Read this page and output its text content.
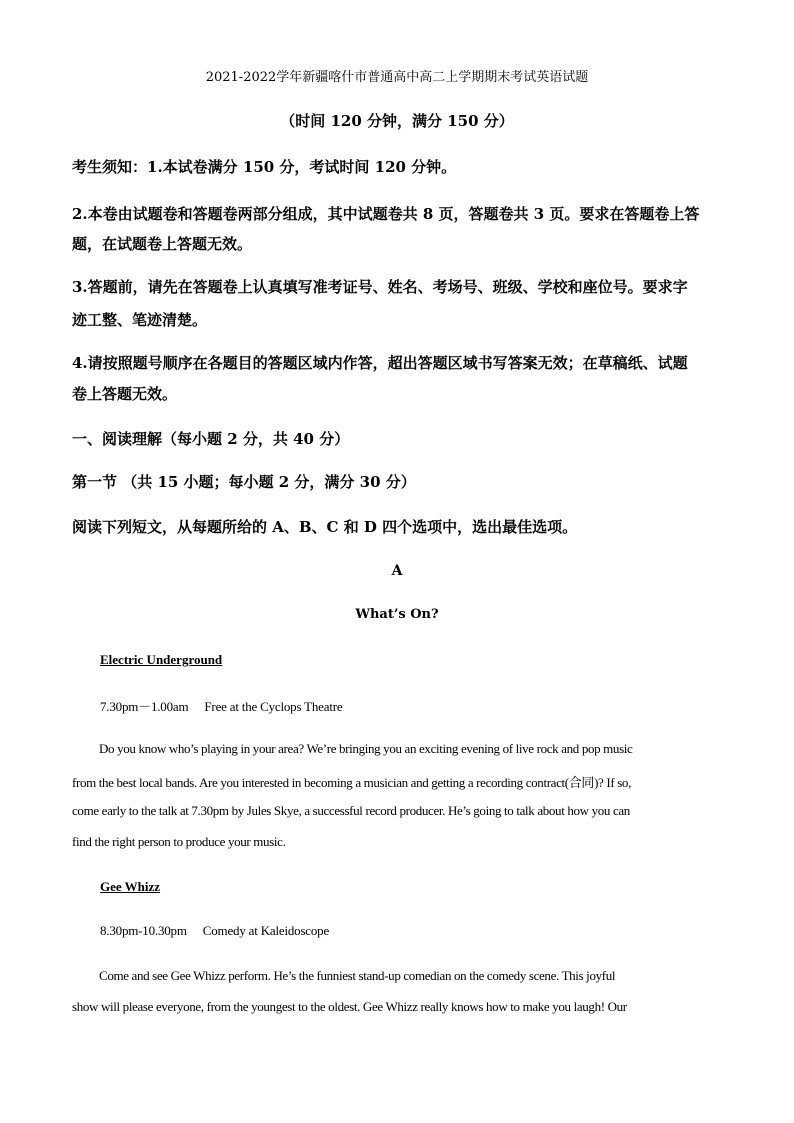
2021-2022学年新疆喀什市普通高中高二上学期期末考试英语试题
（时间 120 分钟，满分 150 分）
考生须知：1.本试卷满分 150 分，考试时间 120 分钟。
2.本卷由试题卷和答题卷两部分组成，其中试题卷共 8 页，答题卷共 3 页。要求在答题卷上答
题，在试题卷上答题无效。
3.答题前，请先在答题卷上认真填写准考证号、姓名、考场号、班级、学校和座位号。要求字
迹工整、笔迹清楚。
4.请按照题号顺序在各题目的答题区域内作答，超出答题区域书写答案无效；在草稿纸、试题
卷上答题无效。
一、阅读理解（每小题 2 分，共 40 分）
第一节 （共 15 小题；每小题 2 分，满分 30 分）
阅读下列短文，从每题所给的 A、B、C 和 D 四个选项中，选出最佳选项。
A
What’s On?
Electric Underground
7.30pm－1.00am Free at the Cyclops Theatre
Do you know who’s playing in your area? We’re bringing you an exciting evening of live rock and pop music
from the best local bands. Are you interested in becoming a musician and getting a recording contract(合同)? If so,
come early to the talk at 7.30pm by Jules Skye, a successful record producer. He’s going to talk about how you can
find the right person to produce your music.
Gee Whizz
8.30pm-10.30pm Comedy at Kaleidoscope
Come and see Gee Whizz perform. He’s the funniest stand-up comedian on the comedy scene. This joyful
show will please everyone, from the youngest to the oldest. Gee Whizz really knows how to make you laugh! Our
